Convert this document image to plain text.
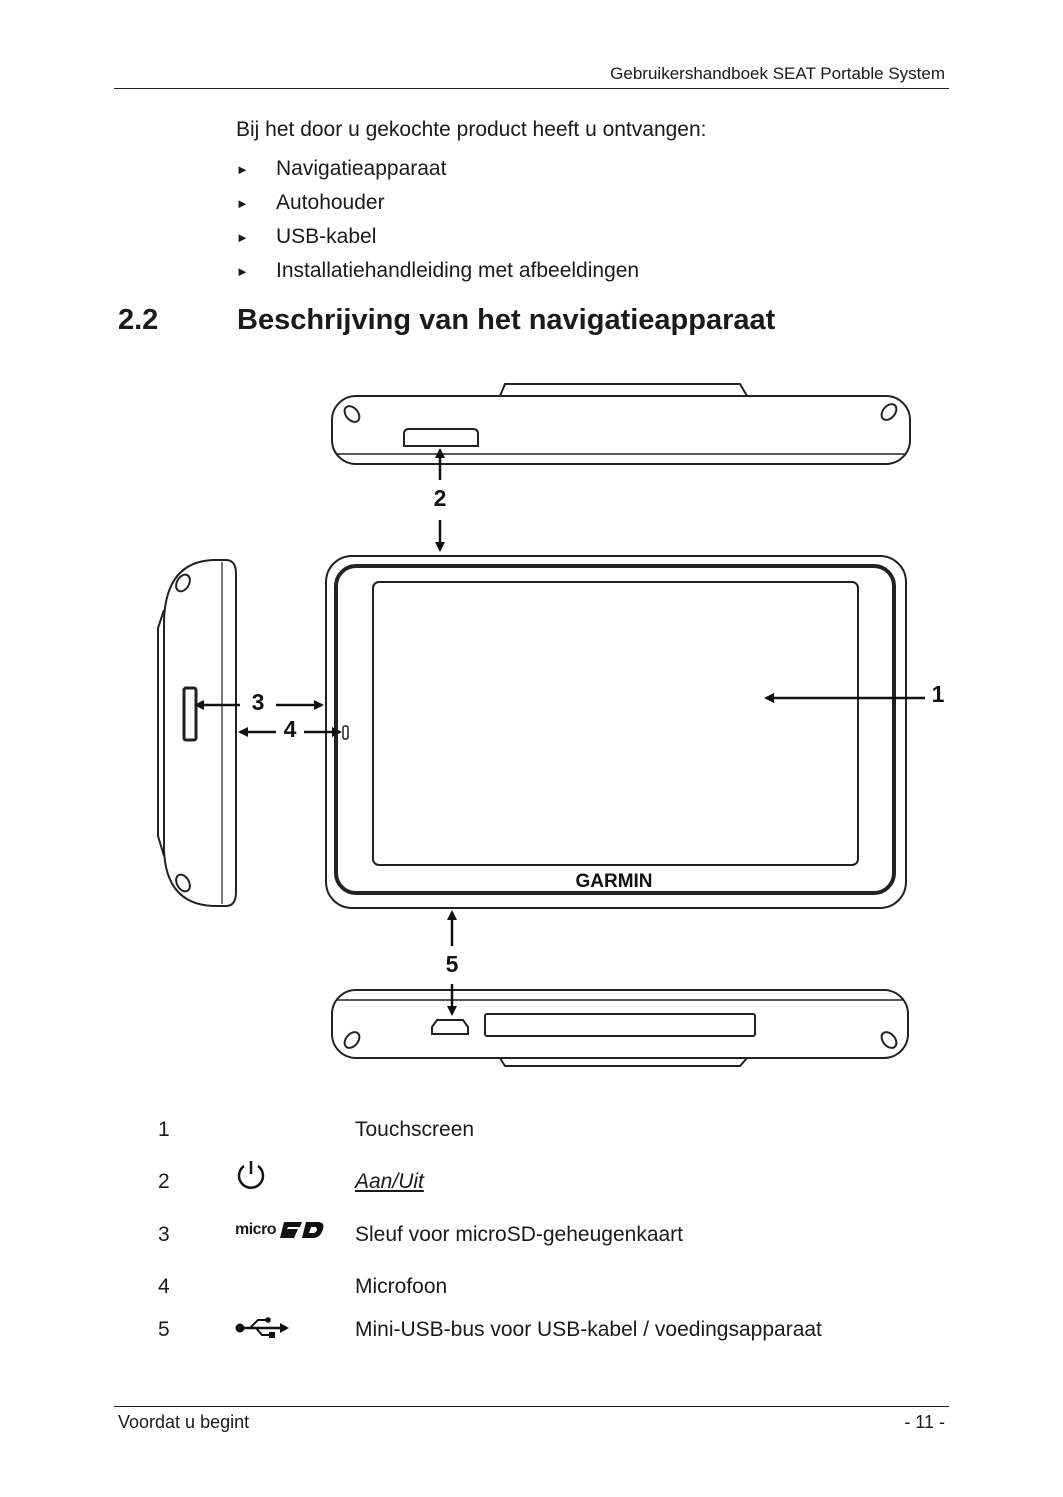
Gebruikershandboek SEAT Portable System
Bij het door u gekochte product heeft u ontvangen:
►	Navigatieapparaat
►	Autohouder
►	USB-kabel
►	Installatiehandleiding met afbeeldingen
2.2	Beschrijving van het navigatieapparaat
1
2
3
4
5
GARMIN
1	Touchscreen
2	Aan/Uit
3	micro	Sleuf voor microSD-geheugenkaart
4	Microfoon
5	Mini-USB-bus voor USB-kabel / voedingsapparaat
Voordat u begint	- 11 -
